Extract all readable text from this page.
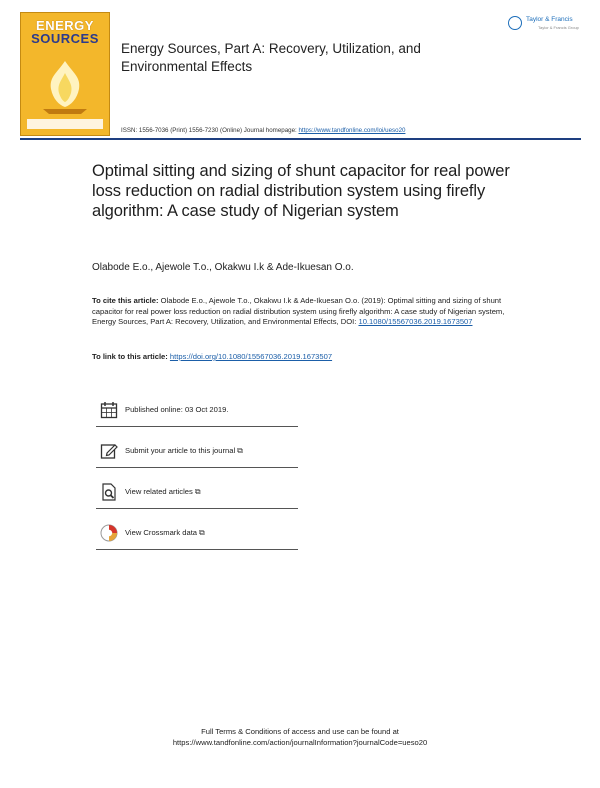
ENERGY
SOURCES
Energy Sources, Part A: Recovery, Utilization, and Environmental Effects
Taylor & Francis
Taylor & Francis Group
ISSN: 1556-7036 (Print) 1556-7230 (Online) Journal homepage: https://www.tandfonline.com/loi/ueso20
Optimal sitting and sizing of shunt capacitor for real power loss reduction on radial distribution system using firefly algorithm: A case study of Nigerian system
Olabode E.o., Ajewole T.o., Okakwu I.k & Ade-Ikuesan O.o.
To cite this article: Olabode E.o., Ajewole T.o., Okakwu I.k & Ade-Ikuesan O.o. (2019): Optimal sitting and sizing of shunt capacitor for real power loss reduction on radial distribution system using firefly algorithm: A case study of Nigerian system, Energy Sources, Part A: Recovery, Utilization, and Environmental Effects, DOI: 10.1080/15567036.2019.1673507
To link to this article: https://doi.org/10.1080/15567036.2019.1673507
Published online: 03 Oct 2019.
Submit your article to this journal ⧉
View related articles ⧉
View Crossmark data ⧉
Full Terms & Conditions of access and use can be found at
https://www.tandfonline.com/action/journalInformation?journalCode=ueso20
